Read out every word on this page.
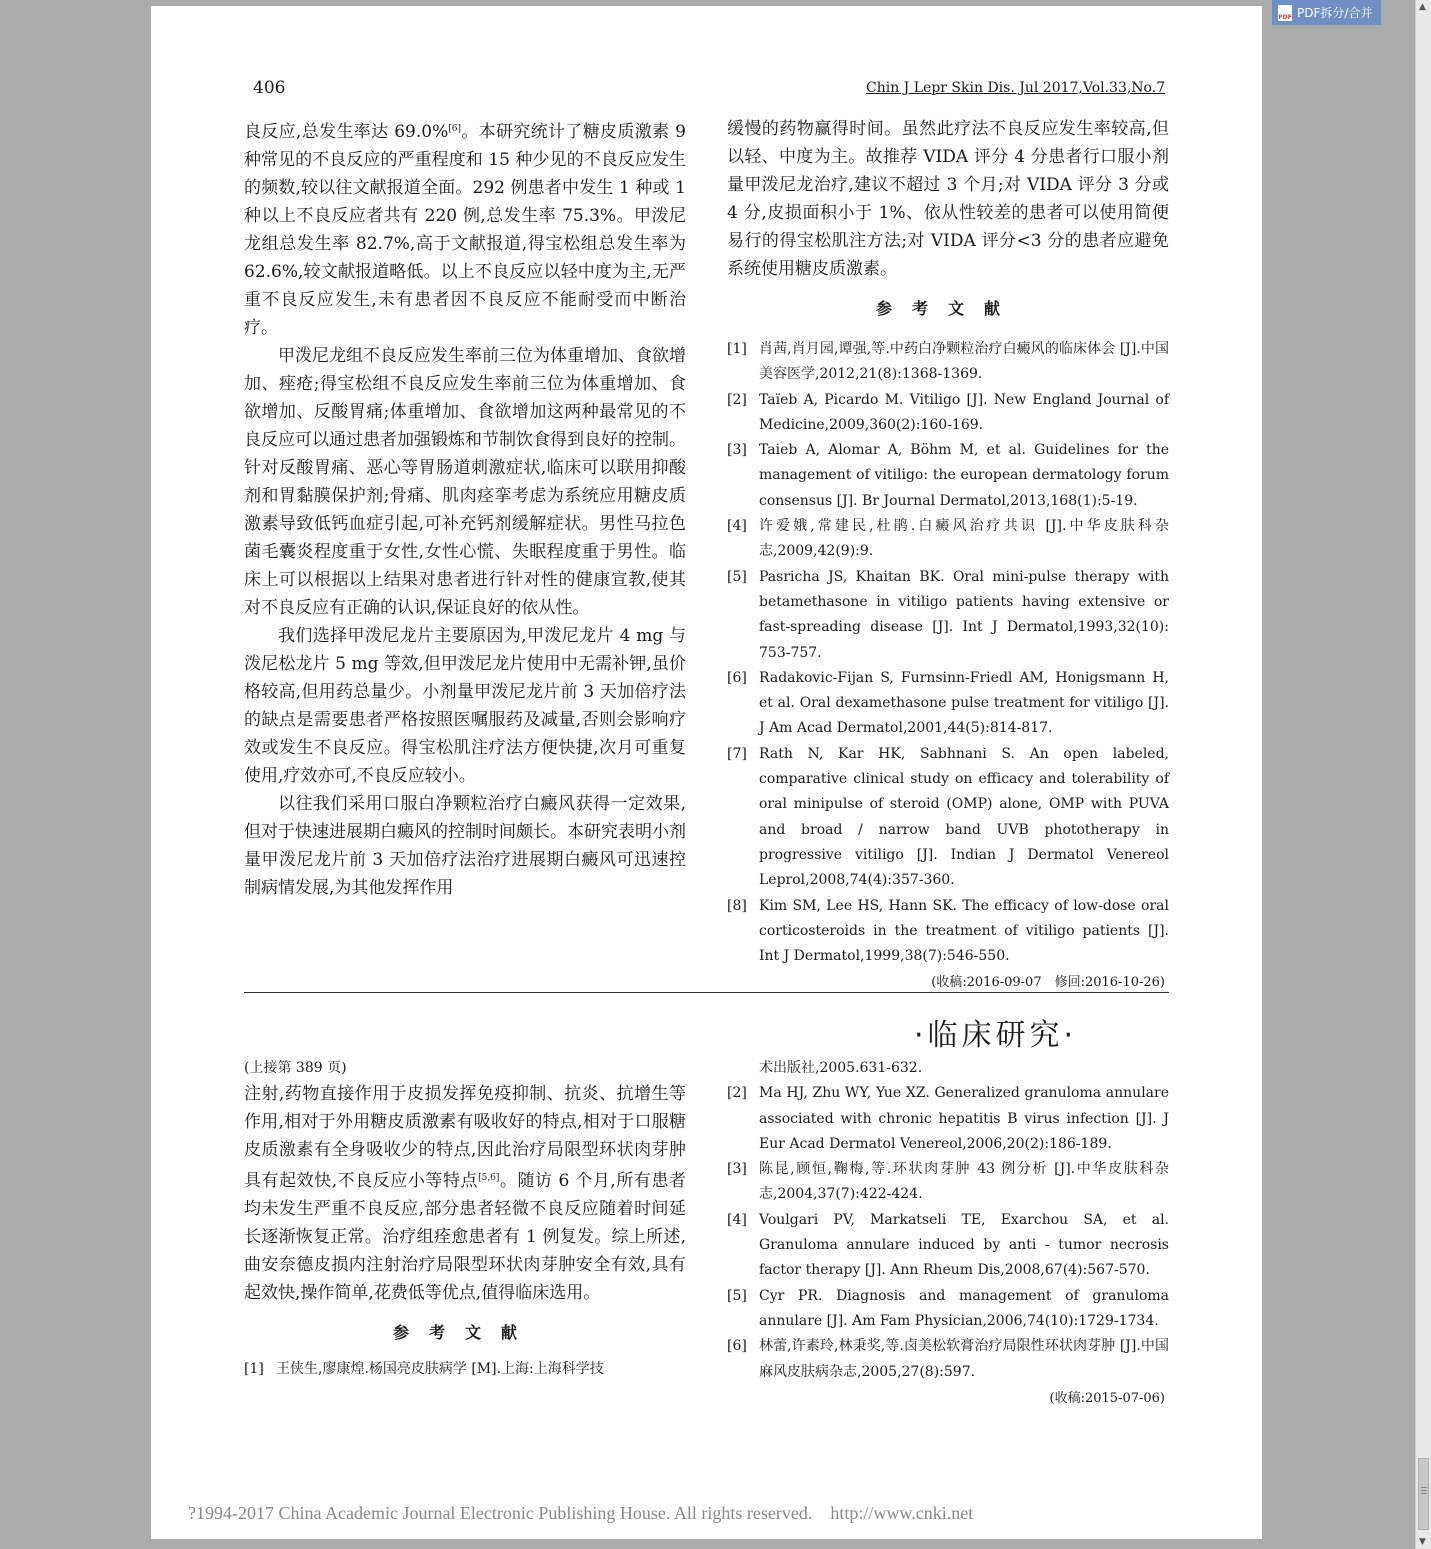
PDF PDF拆分/合并	▲
▼
406	Chin J Lepr Skin Dis. Jul 2017,Vol.33,No.7

良反应,总发生率达 69.0%[6]。本研究统计了糖皮质激素 9 种常见的不良反应的严重程度和 15 种少见的不良反应发生的频数,较以往文献报道全面。292 例患者中发生 1 种或 1 种以上不良反应者共有 220 例,总发生率 75.3%。甲泼尼龙组总发生率 82.7%,高于文献报道,得宝松组总发生率为 62.6%,较文献报道略低。以上不良反应以轻中度为主,无严重不良反应发生,未有患者因不良反应不能耐受而中断治疗。

甲泼尼龙组不良反应发生率前三位为体重增加、食欲增加、痤疮;得宝松组不良反应发生率前三位为体重增加、食欲增加、反酸胃痛;体重增加、食欲增加这两种最常见的不良反应可以通过患者加强锻炼和节制饮食得到良好的控制。针对反酸胃痛、恶心等胃肠道刺激症状,临床可以联用抑酸剂和胃黏膜保护剂;骨痛、肌肉痉挛考虑为系统应用糖皮质激素导致低钙血症引起,可补充钙剂缓解症状。男性马拉色菌毛囊炎程度重于女性,女性心慌、失眠程度重于男性。临床上可以根据以上结果对患者进行针对性的健康宣教,使其对不良反应有正确的认识,保证良好的依从性。

我们选择甲泼尼龙片主要原因为,甲泼尼龙片 4 mg 与泼尼松龙片 5 mg 等效,但甲泼尼龙片使用中无需补钾,虽价格较高,但用药总量少。小剂量甲泼尼龙片前 3 天加倍疗法的缺点是需要患者严格按照医嘱服药及减量,否则会影响疗效或发生不良反应。得宝松肌注疗法方便快捷,次月可重复使用,疗效亦可,不良反应较小。

以往我们采用口服白净颗粒治疗白癜风获得一定效果,但对于快速进展期白癜风的控制时间颇长。本研究表明小剂量甲泼尼龙片前 3 天加倍疗法治疗进展期白癜风可迅速控制病情发展,为其他发挥作用

缓慢的药物赢得时间。虽然此疗法不良反应发生率较高,但以轻、中度为主。故推荐 VIDA 评分 4 分患者行口服小剂量甲泼尼龙治疗,建议不超过 3 个月;对 VIDA 评分 3 分或 4 分,皮损面积小于 1%、依从性较差的患者可以使用简便易行的得宝松肌注方法;对 VIDA 评分<3 分的患者应避免系统使用糖皮质激素。

参考文献
[1] 肖茜,肖月园,谭强,等.中药白净颗粒治疗白癜风的临床体会 [J].中国美容医学,2012,21(8):1368-1369.
[2] Taïeb A, Picardo M. Vitiligo [J]. New England Journal of Medicine,2009,360(2):160-169.
[3] Taieb A, Alomar A, Böhm M, et al. Guidelines for the management of vitiligo: the european dermatology forum consensus [J]. Br Journal Dermatol,2013,168(1):5-19.
[4] 许爱娥,常建民,杜鹃.白癜风治疗共识 [J].中华皮肤科杂志,2009,42(9):9.
[5] Pasricha JS, Khaitan BK. Oral mini-pulse therapy with betamethasone in vitiligo patients having extensive or fast-spreading disease [J]. Int J Dermatol,1993,32(10): 753-757.
[6] Radakovic-Fijan S, Furnsinn-Friedl AM, Honigsmann H, et al. Oral dexamethasone pulse treatment for vitiligo [J]. J Am Acad Dermatol,2001,44(5):814-817.
[7] Rath N, Kar HK, Sabhnani S. An open labeled, comparative clinical study on efficacy and tolerability of oral minipulse of steroid (OMP) alone, OMP with PUVA and broad / narrow band UVB phototherapy in progressive vitiligo [J]. Indian J Dermatol Venereol Leprol,2008,74(4):357-360.
[8] Kim SM, Lee HS, Hann SK. The efficacy of low-dose oral corticosteroids in the treatment of vitiligo patients [J]. Int J Dermatol,1999,38(7):546-550.
(收稿:2016-09-07　修回:2016-10-26)
·临床研究·
(上接第 389 页)

注射,药物直接作用于皮损发挥免疫抑制、抗炎、抗增生等作用,相对于外用糖皮质激素有吸收好的特点,相对于口服糖皮质激素有全身吸收少的特点,因此治疗局限型环状肉芽肿具有起效快,不良反应小等特点[5,6]。随访 6 个月,所有患者均未发生严重不良反应,部分患者轻微不良反应随着时间延长逐渐恢复正常。治疗组痊愈患者有 1 例复发。综上所述,曲安奈德皮损内注射治疗局限型环状肉芽肿安全有效,具有起效快,操作简单,花费低等优点,值得临床选用。

参考文献
[1] 王侠生,廖康煌.杨国亮皮肤病学 [M].上海:上海科学技
术出版社,2005.631-632.
[2] Ma HJ, Zhu WY, Yue XZ. Generalized granuloma annulare associated with chronic hepatitis B virus infection [J]. J Eur Acad Dermatol Venereol,2006,20(2):186-189.
[3] 陈昆,顾恒,鞠梅,等.环状肉芽肿 43 例分析 [J].中华皮肤科杂志,2004,37(7):422-424.
[4] Voulgari PV, Markatseli TE, Exarchou SA, et al. Granuloma annulare induced by anti - tumor necrosis factor therapy [J]. Ann Rheum Dis,2008,67(4):567-570.
[5] Cyr PR. Diagnosis and management of granuloma annulare [J]. Am Fam Physician,2006,74(10):1729-1734.
[6] 林蕾,许素玲,林秉奖,等.卤美松软膏治疗局限性环状肉芽肿 [J].中国麻风皮肤病杂志,2005,27(8):597.
(收稿:2015-07-06)
?1994-2017 China Academic Journal Electronic Publishing House. All rights reserved.    http://www.cnki.net
